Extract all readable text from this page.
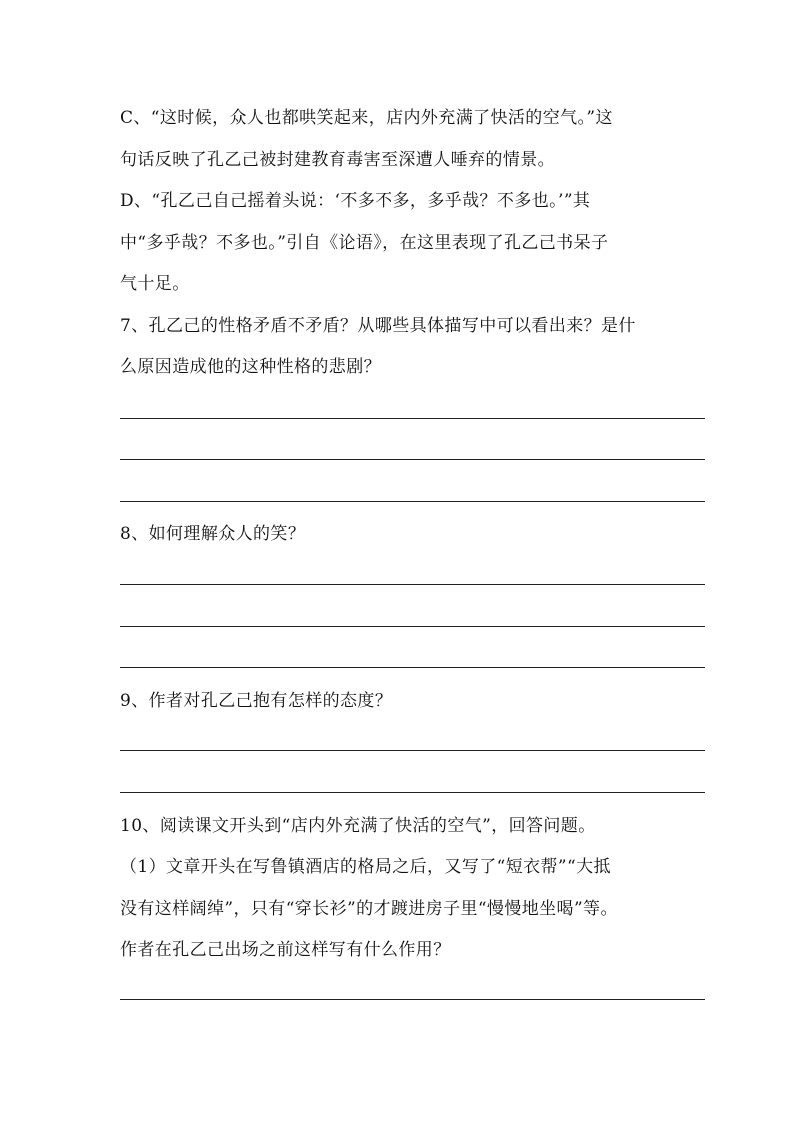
C、“这时候，众人也都哄笑起来，店内外充满了快活的空气。”这
句话反映了孔乙己被封建教育毒害至深遭人唾弃的情景。
D、“孔乙己自己摇着头说：‘不多不多，多乎哉？不多也。’”其
中“多乎哉？不多也。”引自《论语》，在这里表现了孔乙己书呆子
气十足。
7、孔乙己的性格矛盾不矛盾？从哪些具体描写中可以看出来？是什
么原因造成他的这种性格的悲剧？
8、如何理解众人的笑？
9、作者对孔乙己抱有怎样的态度？
10、阅读课文开头到“店内外充满了快活的空气”，回答问题。
（1）文章开头在写鲁镇酒店的格局之后，又写了“短衣帮”“大抵
没有这样阔绰”，只有“穿长衫”的才踱进房子里“慢慢地坐喝”等。
作者在孔乙己出场之前这样写有什么作用？
